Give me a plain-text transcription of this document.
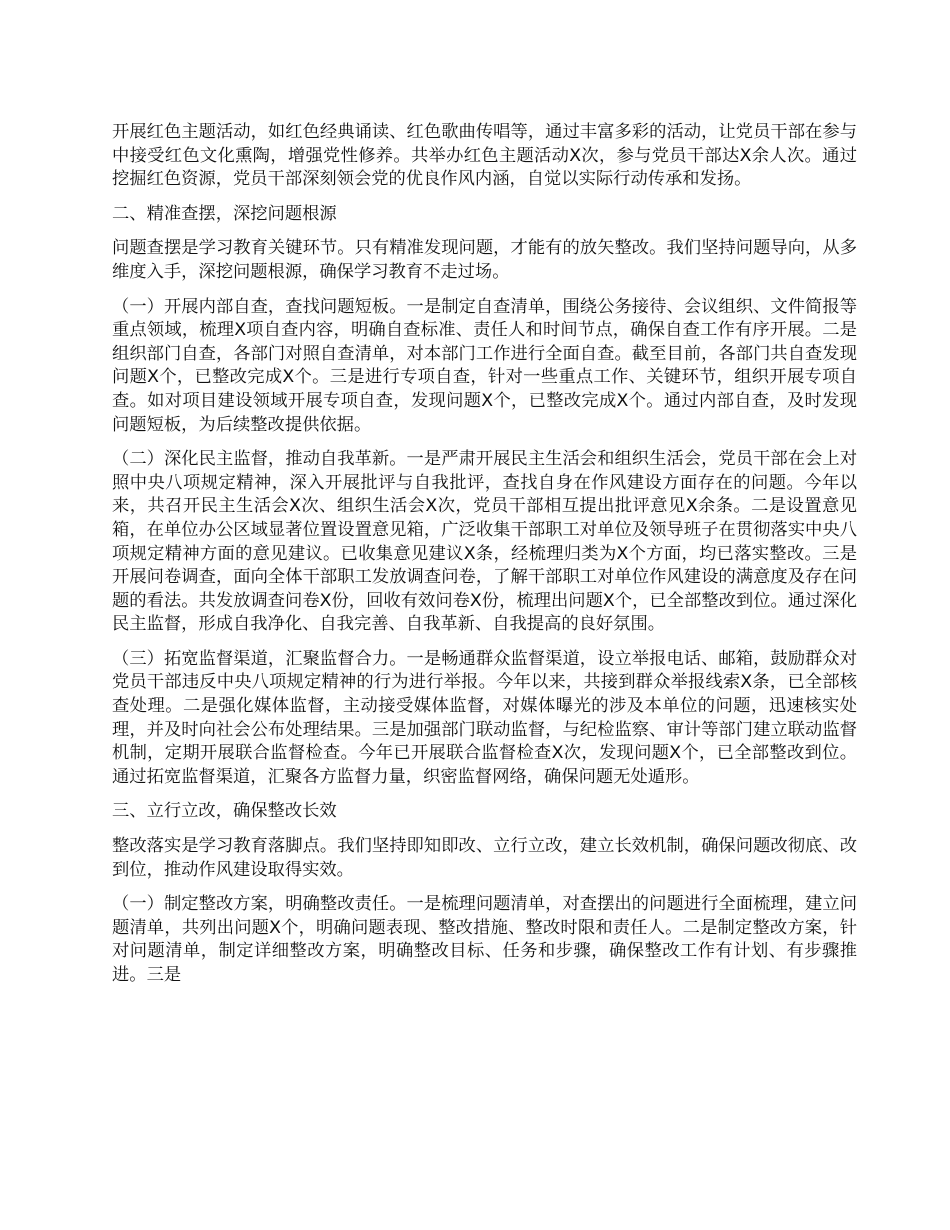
开展红色主题活动，如红色经典诵读、红色歌曲传唱等，通过丰富多彩的活动，让党员干部在参与中接受红色文化熏陶，增强党性修养。共举办红色主题活动X次，参与党员干部达X余人次。通过挖掘红色资源，党员干部深刻领会党的优良作风内涵，自觉以实际行动传承和发扬。

二、精准查摆，深挖问题根源

问题查摆是学习教育关键环节。只有精准发现问题，才能有的放矢整改。我们坚持问题导向，从多维度入手，深挖问题根源，确保学习教育不走过场。

（一）开展内部自查，查找问题短板。一是制定自查清单，围绕公务接待、会议组织、文件简报等重点领域，梳理X项自查内容，明确自查标准、责任人和时间节点，确保自查工作有序开展。二是组织部门自查，各部门对照自查清单，对本部门工作进行全面自查。截至目前，各部门共自查发现问题X个，已整改完成X个。三是进行专项自查，针对一些重点工作、关键环节，组织开展专项自查。如对项目建设领域开展专项自查，发现问题X个，已整改完成X个。通过内部自查，及时发现问题短板，为后续整改提供依据。

（二）深化民主监督，推动自我革新。一是严肃开展民主生活会和组织生活会，党员干部在会上对照中央八项规定精神，深入开展批评与自我批评，查找自身在作风建设方面存在的问题。今年以来，共召开民主生活会X次、组织生活会X次，党员干部相互提出批评意见X余条。二是设置意见箱，在单位办公区域显著位置设置意见箱，广泛收集干部职工对单位及领导班子在贯彻落实中央八项规定精神方面的意见建议。已收集意见建议X条，经梳理归类为X个方面，均已落实整改。三是开展问卷调查，面向全体干部职工发放调查问卷，了解干部职工对单位作风建设的满意度及存在问题的看法。共发放调查问卷X份，回收有效问卷X份，梳理出问题X个，已全部整改到位。通过深化民主监督，形成自我净化、自我完善、自我革新、自我提高的良好氛围。

（三）拓宽监督渠道，汇聚监督合力。一是畅通群众监督渠道，设立举报电话、邮箱，鼓励群众对党员干部违反中央八项规定精神的行为进行举报。今年以来，共接到群众举报线索X条，已全部核查处理。二是强化媒体监督，主动接受媒体监督，对媒体曝光的涉及本单位的问题，迅速核实处理，并及时向社会公布处理结果。三是加强部门联动监督，与纪检监察、审计等部门建立联动监督机制，定期开展联合监督检查。今年已开展联合监督检查X次，发现问题X个，已全部整改到位。通过拓宽监督渠道，汇聚各方监督力量，织密监督网络，确保问题无处遁形。

三、立行立改，确保整改长效

整改落实是学习教育落脚点。我们坚持即知即改、立行立改，建立长效机制，确保问题改彻底、改到位，推动作风建设取得实效。

（一）制定整改方案，明确整改责任。一是梳理问题清单，对查摆出的问题进行全面梳理，建立问题清单，共列出问题X个，明确问题表现、整改措施、整改时限和责任人。二是制定整改方案，针对问题清单，制定详细整改方案，明确整改目标、任务和步骤，确保整改工作有计划、有步骤推进。三是
